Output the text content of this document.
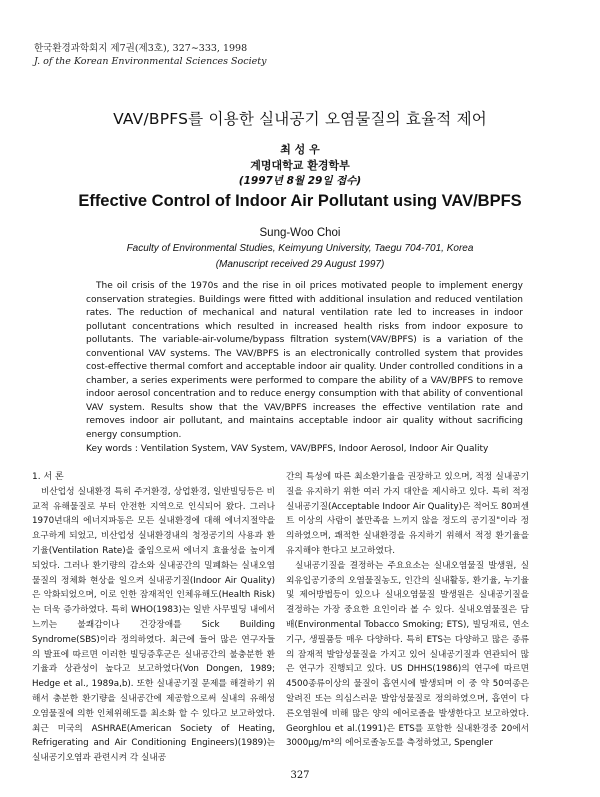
한국환경과학회지 제7권(제3호), 327∼333, 1998
J. of the Korean Environmental Sciences Society
VAV/BPFS를 이용한 실내공기 오염물질의 효율적 제어
최 성 우
계명대학교 환경학부
(1997년 8월 29일 접수)
Effective Control of Indoor Air Pollutant using VAV/BPFS
Sung-Woo Choi
Faculty of Environmental Studies, Keimyung University, Taegu 704-701, Korea
(Manuscript received 29 August 1997)

The oil crisis of the 1970s and the rise in oil prices motivated people to implement energy conservation strategies. Buildings were fitted with additional insulation and reduced ventilation rates. The reduction of mechanical and natural ventilation rate led to increases in indoor pollutant concentrations which resulted in increased health risks from indoor exposure to pollutants. The variable-air-volume/bypass filtration system(VAV/BPFS) is a variation of the conventional VAV systems. The VAV/BPFS is an electronically controlled system that provides cost-effective thermal comfort and acceptable indoor air quality. Under controlled conditions in a chamber, a series experiments were performed to compare the ability of a VAV/BPFS to remove indoor aerosol concentration and to reduce energy consumption with that ability of conventional VAV system. Results show that the VAV/BPFS increases the effective ventilation rate and removes indoor air pollutant, and maintains acceptable indoor air quality without sacrificing energy consumption.

Key words : Ventilation System, VAV System, VAV/BPFS, Indoor Aerosol, Indoor Air Quality

1. 서 론

비산업성 실내환경 특히 주거환경, 상업환경, 일반빌딩등은 비교적 유해물질로 부터 안전한 지역으로 인식되어 왔다. 그러나 1970년대의 에너지파동은 모든 실내환경에 대해 에너지절약을 요구하게 되었고, 비산업성 실내환경내의 청정공기의 사용과 환기율(Ventilation Rate)을 줄임으로써 에너지 효율성을 높이게 되었다. 그러나 환기량의 감소와 실내공간의 밀폐화는 실내오염물질의 정체화 현상을 일으켜 실내공기질(Indoor Air Quality)은 악화되었으며, 이로 인한 잠재적인 인체유해도(Health Risk)는 더욱 증가하였다. 특히 WHO(1983)는 일반 사무빌딩 내에서 느끼는 불쾌감이나 건강장애를 Sick Building Syndrome(SBS)이라 정의하였다. 최근에 들어 많은 연구자들의 발표에 따르면 이러한 빌딩증후군은 실내공간의 불충분한 환기율과 상관성이 높다고 보고하였다(Von Dongen, 1989; Hedge et al., 1989a,b). 또한 실내공기질 문제를 해결하기 위해서 충분한 환기량을 실내공간에 제공함으로써 실내의 유해성오염물질에 의한 인체위해도를 최소화 할 수 있다고 보고하였다. 최근 미국의 ASHRAE(American Society of Heating, Refrigerating and Air Conditioning Engineers)(1989)는 실내공기오염과 관련시켜 각 실내공

간의 특성에 따른 최소환기율을 권장하고 있으며, 적정 실내공기질을 유지하기 위한 여러 가지 대안을 제시하고 있다. 특히 적정 실내공기질(Acceptable Indoor Air Quality)은 적어도 80퍼센트 이상의 사람이 불만족을 느끼지 않을 정도의 공기질"이라 정의하였으며, 쾌적한 실내환경을 유지하기 위해서 적정 환기율을 유지해야 한다고 보고하였다.

실내공기질을 결정하는 주요요소는 실내오염물질 발생원, 실외유입공기중의 오염물질농도, 인간의 실내활동, 환기율, 누기율 및 제어방법등이 있으나 실내오염물질 발생원은 실내공기질을 결정하는 가장 중요한 요인이라 볼 수 있다. 실내오염물질은 담배(Environmental Tobacco Smoking; ETS), 빌딩재료, 연소기구, 생필품등 매우 다양하다. 특히 ETS는 다양하고 많은 종류의 잠재적 발암성물질을 가지고 있어 실내공기질과 연관되어 많은 연구가 진행되고 있다. US DHHS(1986)의 연구에 따르면 4500종류이상의 물질이 흡연시에 발생되며 이 중 약 50여종은 알려진 또는 의심스러운 발암성물질로 정의하였으며, 흡연이 다른오염원에 비해 많은 양의 에어로졸을 발생한다고 보고하였다. Georghlou et al.(1991)은 ETS를 포함한 실내환경중 20에서 3000μg/m³의 에어로졸농도를 측정하였고, Spengler

327
